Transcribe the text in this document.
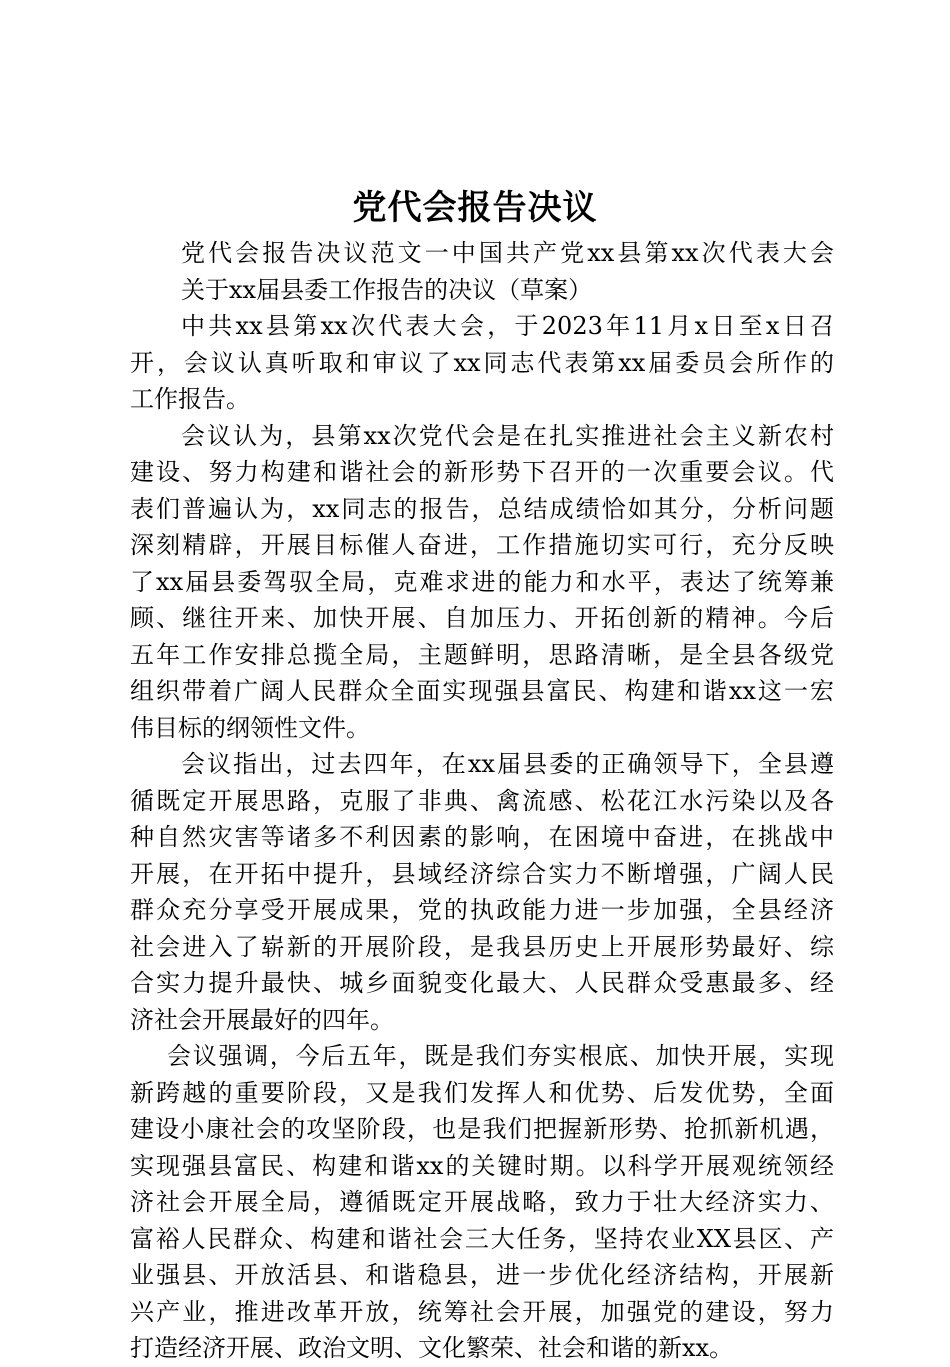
党代会报告决议
党代会报告决议范文一中国共产党xx县第xx次代表大会
关于xx届县委工作报告的决议（草案）
中共xx县第xx次代表大会，于2023年11月x日至x日召
开，会议认真听取和审议了xx同志代表第xx届委员会所作的
工作报告。
会议认为，县第xx次党代会是在扎实推进社会主义新农村
建设、努力构建和谐社会的新形势下召开的一次重要会议。代
表们普遍认为，xx同志的报告，总结成绩恰如其分，分析问题
深刻精辟，开展目标催人奋进，工作措施切实可行，充分反映
了xx届县委驾驭全局，克难求进的能力和水平，表达了统筹兼
顾、继往开来、加快开展、自加压力、开拓创新的精神。今后
五年工作安排总揽全局，主题鲜明，思路清晰，是全县各级党
组织带着广阔人民群众全面实现强县富民、构建和谐xx这一宏
伟目标的纲领性文件。
会议指出，过去四年，在xx届县委的正确领导下，全县遵
循既定开展思路，克服了非典、禽流感、松花江水污染以及各
种自然灾害等诸多不利因素的影响，在困境中奋进，在挑战中
开展，在开拓中提升，县域经济综合实力不断增强，广阔人民
群众充分享受开展成果，党的执政能力进一步加强，全县经济
社会进入了崭新的开展阶段，是我县历史上开展形势最好、综
合实力提升最快、城乡面貌变化最大、人民群众受惠最多、经
济社会开展最好的四年。
会议强调，今后五年，既是我们夯实根底、加快开展，实现
新跨越的重要阶段，又是我们发挥人和优势、后发优势，全面
建设小康社会的攻坚阶段，也是我们把握新形势、抢抓新机遇，
实现强县富民、构建和谐xx的关键时期。以科学开展观统领经
济社会开展全局，遵循既定开展战略，致力于壮大经济实力、
富裕人民群众、构建和谐社会三大任务，坚持农业XX县区、产
业强县、开放活县、和谐稳县，进一步优化经济结构，开展新
兴产业，推进改革开放，统筹社会开展，加强党的建设，努力
打造经济开展、政治文明、文化繁荣、社会和谐的新xx。
